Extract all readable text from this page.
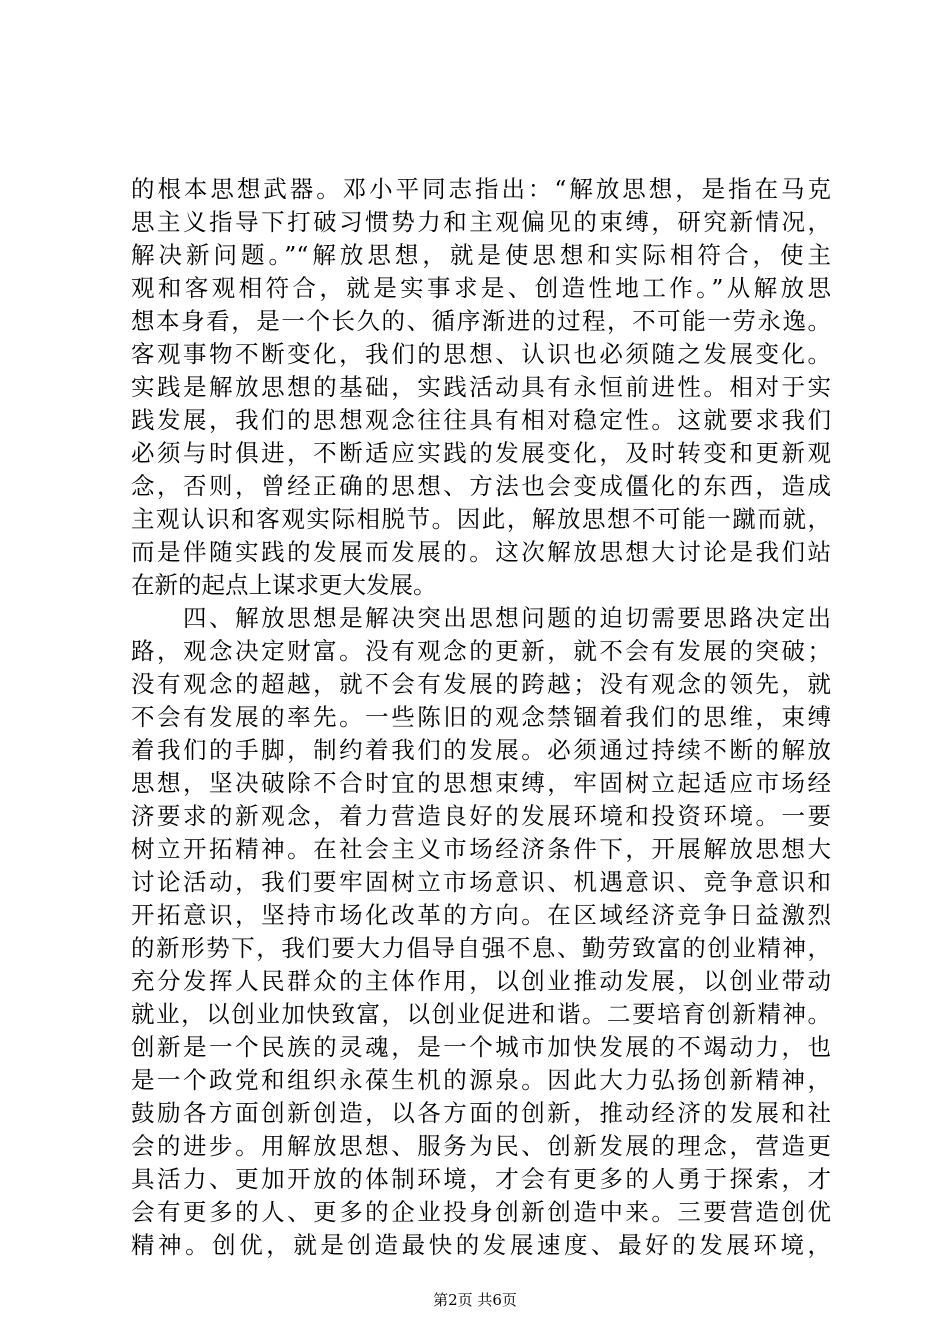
的根本思想武器。邓小平同志指出：“解放思想，是指在马克
思主义指导下打破习惯势力和主观偏见的束缚，研究新情况，
解决新问题。”“解放思想，就是使思想和实际相符合，使主
观和客观相符合，就是实事求是、创造性地工作。”从解放思
想本身看，是一个长久的、循序渐进的过程，不可能一劳永逸。
客观事物不断变化，我们的思想、认识也必须随之发展变化。
实践是解放思想的基础，实践活动具有永恒前进性。相对于实
践发展，我们的思想观念往往具有相对稳定性。这就要求我们
必须与时俱进，不断适应实践的发展变化，及时转变和更新观
念，否则，曾经正确的思想、方法也会变成僵化的东西，造成
主观认识和客观实际相脱节。因此，解放思想不可能一蹴而就，
而是伴随实践的发展而发展的。这次解放思想大讨论是我们站
在新的起点上谋求更大发展。
　　四、解放思想是解决突出思想问题的迫切需要思路决定出
路，观念决定财富。没有观念的更新，就不会有发展的突破；
没有观念的超越，就不会有发展的跨越；没有观念的领先，就
不会有发展的率先。一些陈旧的观念禁锢着我们的思维，束缚
着我们的手脚，制约着我们的发展。必须通过持续不断的解放
思想，坚决破除不合时宜的思想束缚，牢固树立起适应市场经
济要求的新观念，着力营造良好的发展环境和投资环境。一要
树立开拓精神。在社会主义市场经济条件下，开展解放思想大
讨论活动，我们要牢固树立市场意识、机遇意识、竞争意识和
开拓意识，坚持市场化改革的方向。在区域经济竞争日益激烈
的新形势下，我们要大力倡导自强不息、勤劳致富的创业精神，
充分发挥人民群众的主体作用，以创业推动发展，以创业带动
就业，以创业加快致富，以创业促进和谐。二要培育创新精神。
创新是一个民族的灵魂，是一个城市加快发展的不竭动力，也
是一个政党和组织永葆生机的源泉。因此大力弘扬创新精神，
鼓励各方面创新创造，以各方面的创新，推动经济的发展和社
会的进步。用解放思想、服务为民、创新发展的理念，营造更
具活力、更加开放的体制环境，才会有更多的人勇于探索，才
会有更多的人、更多的企业投身创新创造中来。三要营造创优
精神。创优，就是创造最快的发展速度、最好的发展环境，
第2页 共6页
